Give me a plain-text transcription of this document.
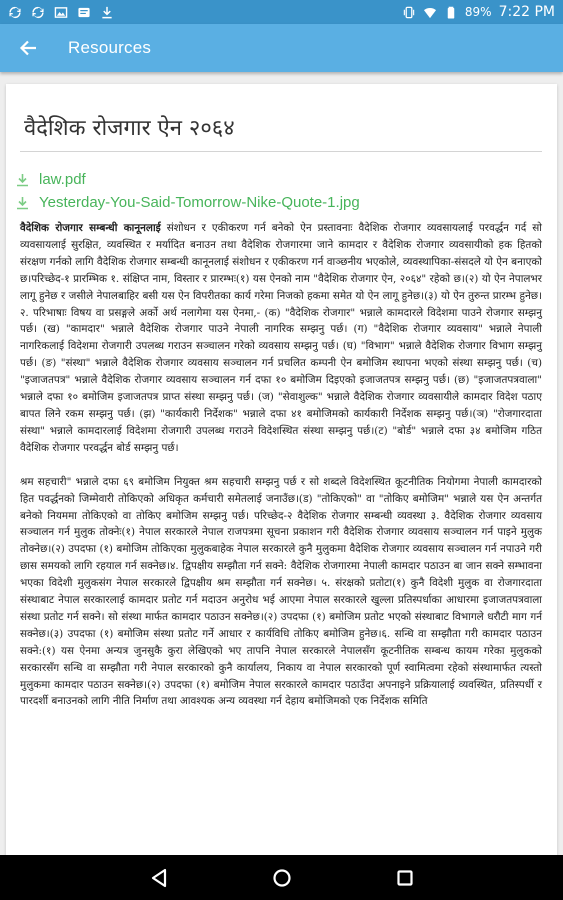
89% 7:22 PM
Resources
वैदेशिक रोजगार ऐन २०६४
law.pdf
Yesterday-You-Said-Tomorrow-Nike-Quote-1.jpg

वैदेशिक रोजगार सम्बन्धी कानूनलाई संशोधन र एकीकरण गर्न बनेको ऐन प्रस्तावनाः वैदेशिक रोजगार व्यवसायलाई परवर्द्धन गर्द सो व्यवसायलाई सुरक्षित, व्यवस्थित र मर्यादित बनाउन तथा वैदेशिक रोजगारमा जाने कामदार र वैदेशिक रोजगार व्यवसायीको हक हितको संरक्षण गर्नको लागि वैदेशिक रोजगार सम्बन्धी कानूनलाई संशोधन र एकीकरण गर्न वाञ्छनीय भएकोले, व्यवस्थापिका-संसदले यो ऐन बनाएको छ।परिच्छेद-१ प्रारम्भिक १. संक्षिप्त नाम, विस्तार र प्रारम्भः(१) यस ऐनको नाम "वैदेशिक रोजगार ऐन, २०६४" रहेको छ।(२) यो ऐन नेपालभर लागू हुनेछ र जसीले नेपालबाहिर बसी यस ऐन विपरीतका कार्य गरेमा निजको हकमा समेत यो ऐन लागू हुनेछ।(३) यो ऐन तुरुन्त प्रारम्भ हुनेछ। २. परिभाषाः विषय वा प्रसङ्गले अर्को अर्थ नलागेमा यस ऐनमा,- (क) "वैदेशिक रोजगार" भन्नाले कामदारले विदेशमा पाउने रोजगार सम्झनु पर्छ। (ख) "कामदार" भन्नाले वैदेशिक रोजगार पाउने नेपाली नागरिक सम्झनु पर्छ। (ग) "वैदेशिक रोजगार व्यवसाय" भन्नाले नेपाली नागरिकलाई विदेशमा रोजगारी उपलब्ध गराउन सञ्चालन गरेको व्यवसाय सम्झनु पर्छ। (घ) "विभाग" भन्नाले वैदेशिक रोजगार विभाग सम्झनु पर्छ। (ङ) "संस्था" भन्नाले वैदेशिक रोजगार व्यवसाय सञ्चालन गर्न प्रचलित कम्पनी ऐन बमोजिम स्थापना भएको संस्था सम्झनु पर्छ। (च) "इजाजतपत्र" भन्नाले वैदेशिक रोजगार व्यवसाय सञ्चालन गर्न दफा १० बमोजिम दिइएको इजाजतपत्र सम्झनु पर्छ। (छ) "इजाजतपत्रवाला" भन्नाले दफा १० बमोजिम इजाजतपत्र प्राप्त संस्था सम्झनु पर्छ। (ज) "सेवाशुल्क" भन्नाले वैदेशिक रोजगार व्यवसायीले कामदार विदेश पठाए बापत लिने रकम सम्झनु पर्छ। (झ) "कार्यकारी निर्देशक" भन्नाले दफा ४१ बमोजिमको कार्यकारी निर्देशक सम्झनु पर्छ।(ञ) "रोजगारदाता संस्था" भन्नाले कामदारलाई विदेशमा रोजगारी उपलब्ध गराउने विदेशस्थित संस्था सम्झनु पर्छ।(ट) "बोर्ड" भन्नाले दफा ३४ बमोजिम गठित वैदेशिक रोजगार परवर्द्धन बोर्ड सम्झनु पर्छ।

श्रम सहचारी" भन्नाले दफा ६९ बमोजिम नियुक्त श्रम सहचारी सम्झनु पर्छ र सो शब्दले विदेशस्थित कूटनीतिक नियोगमा नेपाली कामदारको हित पवर्द्धनको जिम्मेवारी तोकिएको अधिकृत कर्मचारी समेतलाई जनाउँछ।(ड) "तोकिएको" वा "तोकिए बमोजिम" भन्नाले यस ऐन अन्तर्गत बनेको नियममा तोकिएको वा तोकिए बमोजिम सम्झनु पर्छ। परिच्छेद-२ वैदेशिक रोजगार सम्बन्धी व्यवस्था ३. वैदेशिक रोजगार व्यवसाय सञ्चालन गर्न मुलुक तोक्नेः(१) नेपाल सरकारले नेपाल राजपत्रमा सूचना प्रकाशन गरी वैदेशिक रोजगार व्यवसाय सञ्चालन गर्न पाइने मुलुक तोक्नेछ।(२) उपदफा (१) बमोजिम तोकिएका मुलुकबाहेक नेपाल सरकारले कुनै मुलुकमा वैदेशिक रोजगार व्यवसाय सञ्चालन गर्न नपाउने गरी छास समयको लागि रहयाल गर्न सक्नेछ।४. द्विपक्षीय सम्झौता गर्न सक्ने: वैदेशिक रोजगारमा नेपाली कामदार पठाउन बा जान सक्ने सम्भावना भएका विदेशी मुलुकसंग नेपाल सरकारले द्विपक्षीय श्रम सम्झौता गर्न सक्नेछ। ५. संरक्षको प्रतोटा(१) कुनै विदेशी मुलुक वा रोजगारदाता संस्थाबाट नेपाल सरकारलाई कामदार प्रतोट गर्न मदाउन अनुरोध भई आएमा नेपाल सरकारले खुल्ला प्रतिस्पर्धाका आधारमा इजाजतपत्रवाला संस्था प्रतोट गर्न सक्ने। सो संस्था मार्फत कामदार पठाउन सक्नेछ।(२) उपदफा (१) बमोजिम प्रतोट भएको संस्थाबाट विभागले धरौटी माग गर्न सक्नेछ।(३) उपदफा (१) बमोजिम संस्था प्रतोट गर्ने आधार र कार्यविधि तोकिए बमोजिम हुनेछ।६. सन्धि वा सम्झौता गरी कामदार पठाउन सक्ने:(१) यस ऐनमा अन्यत्र जुनसुकै कुरा लेखिएको भए तापनि नेपाल सरकारले नेपालसँग कूटनीतिक सम्बन्ध कायम गरेका मुलुकको सरकारसँग सन्धि वा सम्झौता गरी नेपाल सरकारको कुनै कार्यालय, निकाय वा नेपाल सरकारको पूर्ण स्वामित्वमा रहेको संस्थामार्फत त्यस्तो मुलुकमा कामदार पठाउन सक्नेछ।(२) उपदफा (१) बमोजिम नेपाल सरकारले कामदार पठाउँदा अपनाइने प्रक्रियालाई व्यवस्थित, प्रतिस्पर्धी र पारदर्शी बनाउनको लागि नीति निर्माण तथा आवश्यक अन्य व्यवस्था गर्न देहाय बमोजिमको एक निर्देशक समिति
